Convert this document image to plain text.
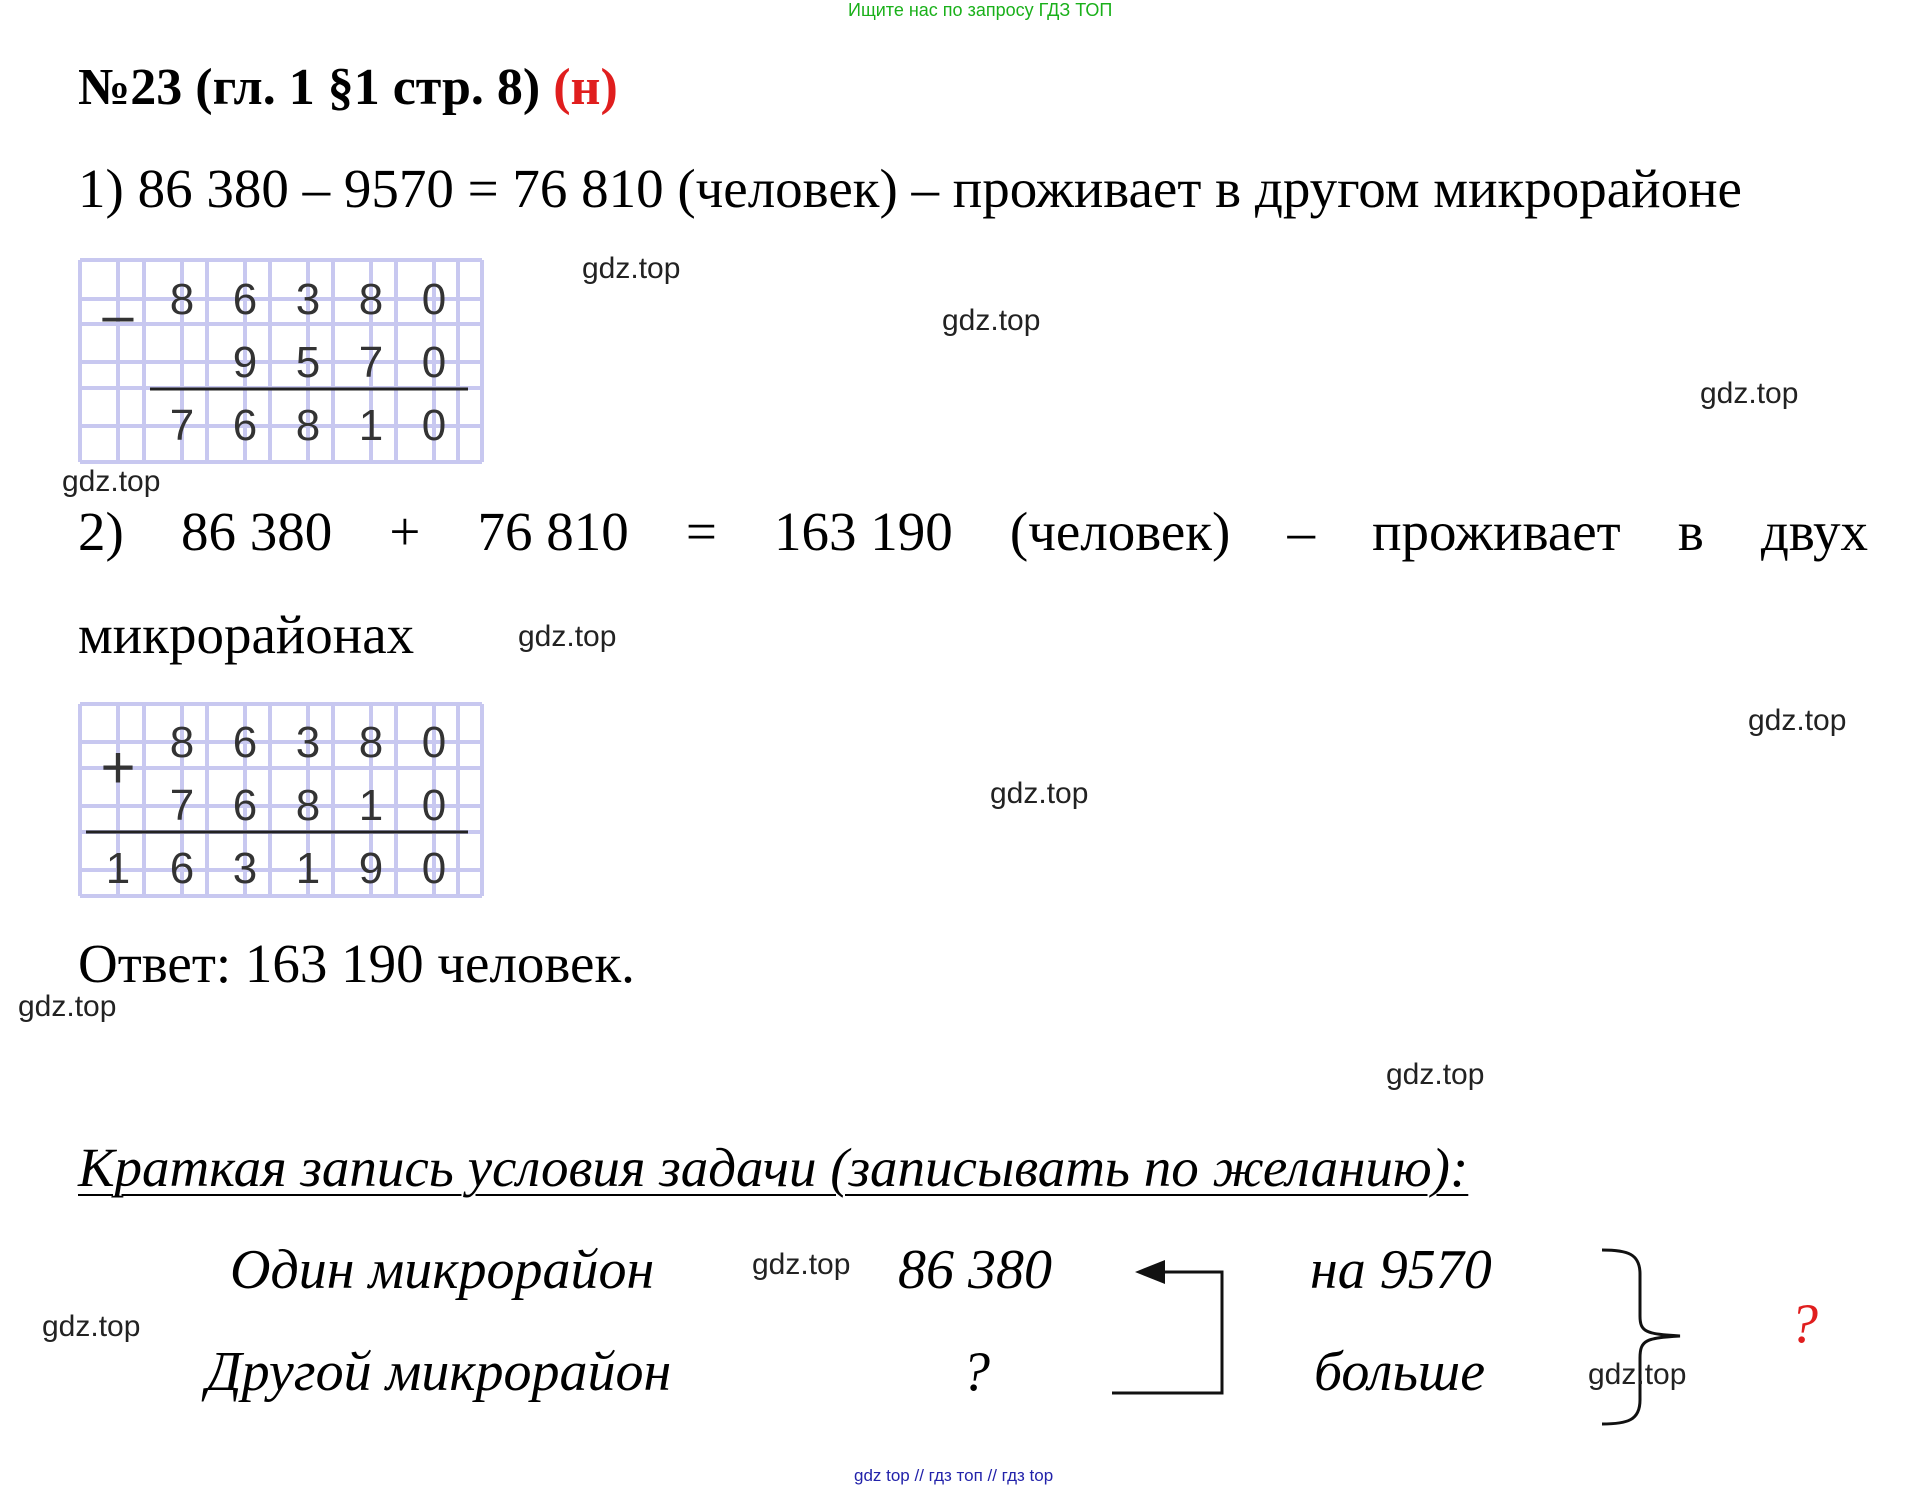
Ищите нас по запросу ГДЗ ТОП
№23 (гл. 1 §1 стр. 8) (н)
1) 86 380 – 9570 = 76 810 (человек) – проживает в другом микрорайоне
– 8 6 3 8 0
9 5 7 0
7 6 8 1 0
2) 86 380 + 76 810 = 163 190 (человек) – проживает в двух
микрорайонах
+ 8 6 3 8 0
7 6 8 1 0
1 6 3 1 9 0
Ответ: 163 190 человек.
Краткая запись условия задачи (записывать по желанию):
Один микрорайон	86 380	на 9570
Другой микрорайон	?	больше
?
gdz.top
gdz.top
gdz.top
gdz.top
gdz.top
gdz.top
gdz.top
gdz.top
gdz.top
gdz.top
gdz.top
gdz.top
gdz top // гдз топ // гдз top
